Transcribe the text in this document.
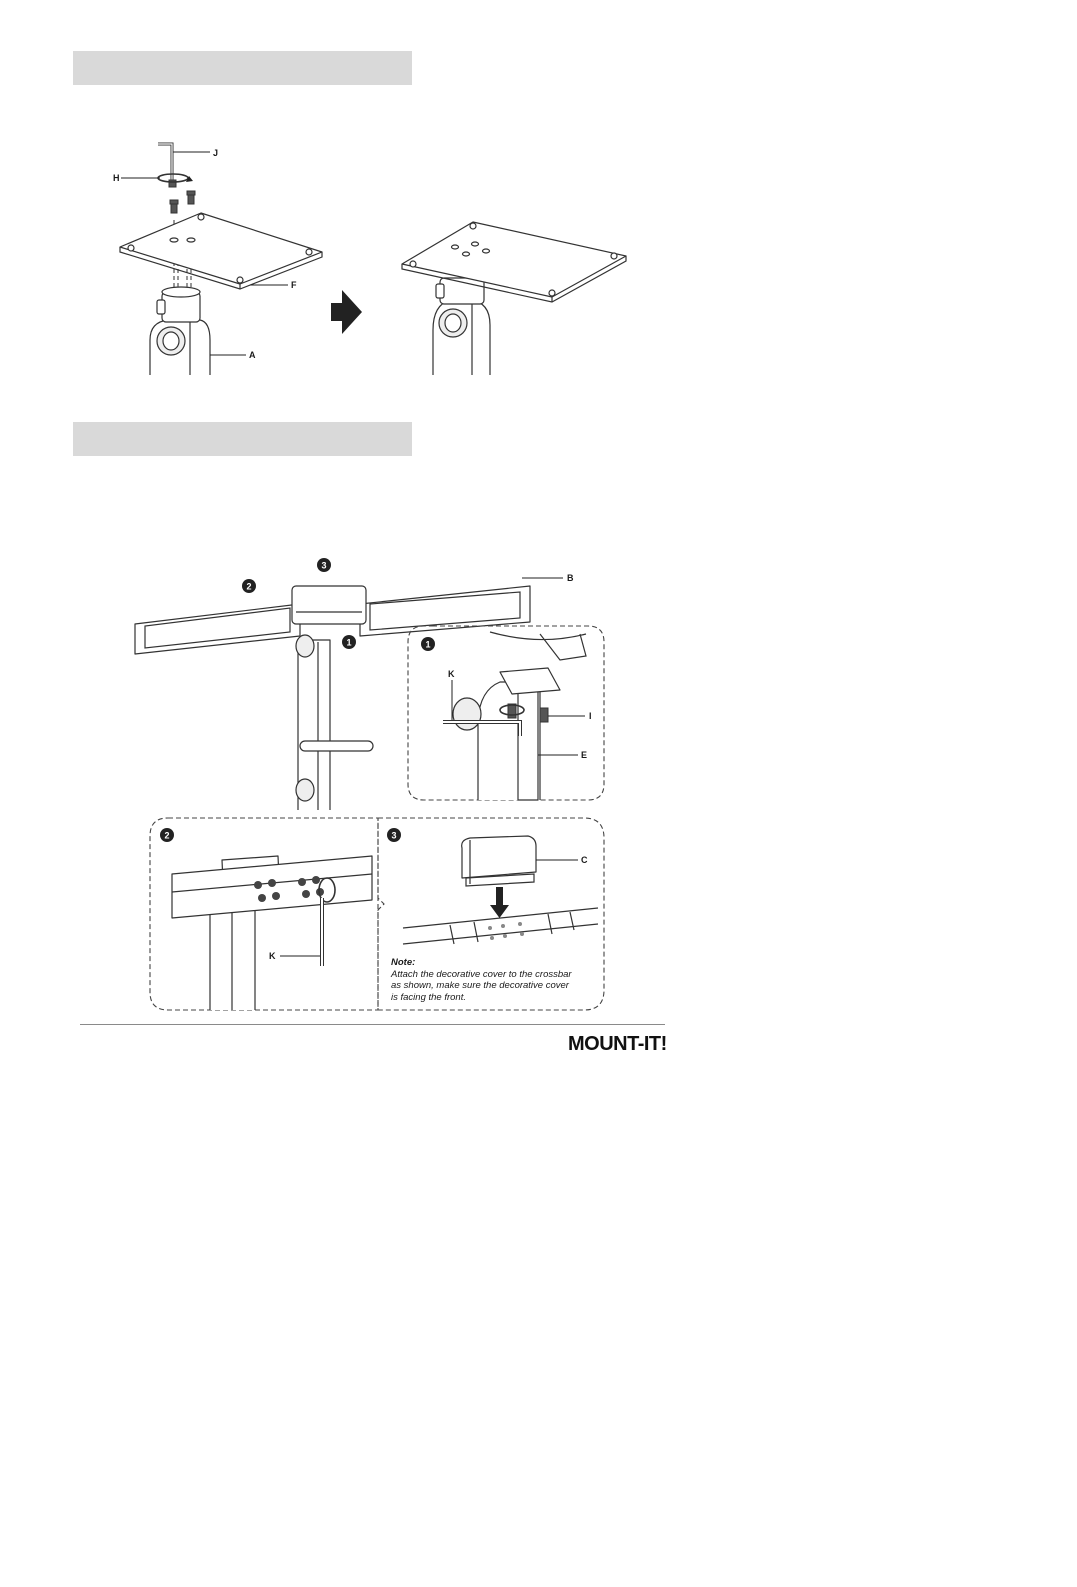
J
H
F
A
2
3
1
B
1
K
I
E
2
K
3
C
Note:
Attach the decorative cover to the crossbar
as shown, make sure the decorative cover
is facing the front.
MOUNT-IT!
